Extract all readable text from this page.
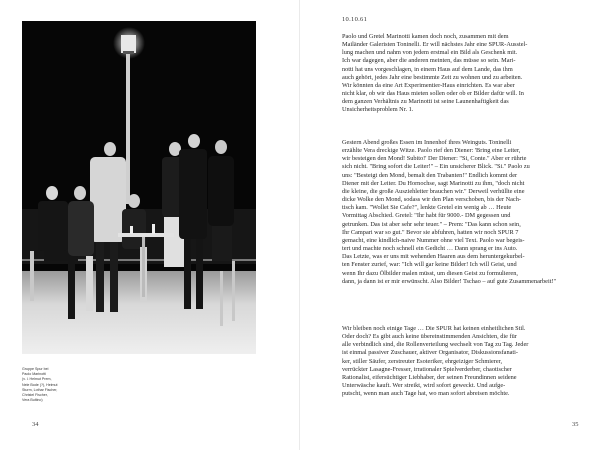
Gruppe Spur bei
Paolo Marinotti
(v. l. Helmut Prem,
Nele Bode (?), Helmut
Sturm, Lothar Fischer,
Christel Fischer,
Vera Bultino)
34
10.10.61
Paolo und Gretel Marinotti kamen doch noch, zusammen mit dem
Mailänder Galeristen Toninelli. Er will nächstes Jahr eine SPUR-Ausstel-
lung machen und nahm von jedem erstmal ein Bild als Geschenk mit.
Ich war dagegen, aber die anderen meinten, das müsse so sein. Mari-
notti hat uns vorgeschlagen, in einem Haus auf dem Lande, das ihm
auch gehört, jedes Jahr eine bestimmte Zeit zu wohnen und zu arbeiten.
Wir könnten da eine Art Experimentier-Haus einrichten. Es war aber
nicht klar, ob wir das Haus mieten sollen oder ob er Bilder dafür will. In
dem ganzen Verhältnis zu Marinotti ist seine Launenhaftigkeit das
Unsicherheitsproblem Nr. 1.
Gestern Abend großes Essen im Innenhof ihres Weinguts. Toninelli
erzählte Vera dreckige Witze. Paolo rief den Diener: 'Bring eine Leiter,
wir besteigen den Mond! Subito!' Der Diener: "Si, Conte." Aber er rührte
sich nicht. "Bring sofort die Leiter!" – Ein unsicherer Blick. "Si." Paolo zu
uns: "Besteigt den Mond, bemalt den Trabanten!" Endlich kommt der
Diener mit der Leiter. Du Hornochse, sagt Marinotti zu ihm, "doch nicht
die kleine, die große Ausziehleiter brauchen wir." Derweil verhüllte eine
dicke Wolke den Mond, sodass wir den Plan verschoben, bis der Nach-
tisch kam. "Wollet Sie Cafe?", lenkte Gretel ein wenig ab … Heute
Vormittag Abschied. Gretel: "Ihr habt für 9000.- DM gegessen und
getrunken. Das ist aber sehr sehr teuer." – Prem: "Das kann schon sein,
Ihr Campari war so gut." Bevor sie abfuhren, hatten wir noch SPUR 7
gemacht, eine kindlich-naive Nummer ohne viel Text. Paolo war begeis-
tert und machte noch schnell ein Gedicht … Dann sprang er ins Auto.
Das Letzte, was er uns mit wehenden Haaren aus dem heruntergekurbel-
ten Fenster zurief, war: "Ich will gar keine Bilder! Ich will Geist, und
wenn Ihr dazu Ölbilder malen müsst, um diesen Geist zu formulieren,
dann, ja dann ist er mir erwünscht. Also Bilder! Tschao – auf gute Zusammenarbeit!"
Wir bleiben noch einige Tage … Die SPUR hat keinen einheitlichen Stil.
Oder doch? Es gibt auch keine übereinstimmenden Ansichten, die für
alle verbindlich sind, die Rollenverteilung wechselt von Tag zu Tag. Jeder
ist einmal passiver Zuschauer, aktiver Organisator, Diskussionsfanati-
ker, stiller Säufer, zerstreuter Esoteriker, ehrgeiziger Schmierer,
verrückter Lasagne-Fresser, irrationaler Spielverderber, chaotischer
Rationalist, eifersüchtiger Liebhaber, der seinen Freundinnen seidene
Unterwäsche kauft. Wer streikt, wird sofort geweckt. Und aufge-
putscht, wenn man auch Tage hat, wo man sofort abreisen möchte.
35
